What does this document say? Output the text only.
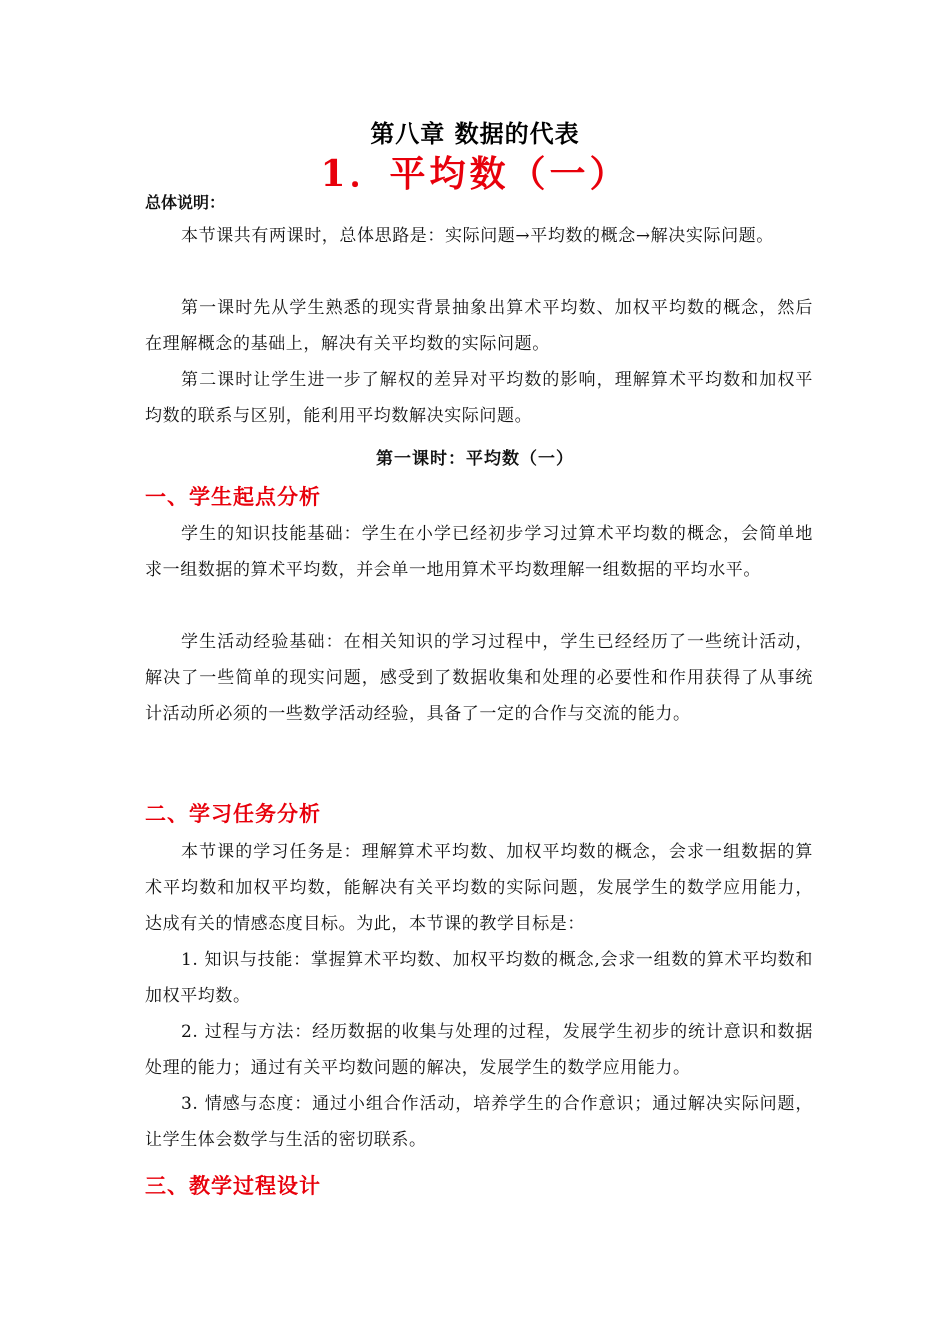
第八章 数据的代表
1．平均数（一）
总体说明：
本节课共有两课时，总体思路是：实际问题→平均数的概念→解决实际问题。
第一课时先从学生熟悉的现实背景抽象出算术平均数、加权平均数的概念，然后在理解概念的基础上，解决有关平均数的实际问题。
第二课时让学生进一步了解权的差异对平均数的影响，理解算术平均数和加权平均数的联系与区别，能利用平均数解决实际问题。
第一课时：平均数（一）
一、学生起点分析
学生的知识技能基础：学生在小学已经初步学习过算术平均数的概念，会简单地求一组数据的算术平均数，并会单一地用算术平均数理解一组数据的平均水平。
学生活动经验基础：在相关知识的学习过程中，学生已经经历了一些统计活动，解决了一些简单的现实问题，感受到了数据收集和处理的必要性和作用获得了从事统计活动所必须的一些数学活动经验，具备了一定的合作与交流的能力。
二、学习任务分析
本节课的学习任务是：理解算术平均数、加权平均数的概念，会求一组数据的算术平均数和加权平均数，能解决有关平均数的实际问题，发展学生的数学应用能力，达成有关的情感态度目标。为此，本节课的教学目标是：
1. 知识与技能：掌握算术平均数、加权平均数的概念,会求一组数的算术平均数和加权平均数。
2. 过程与方法：经历数据的收集与处理的过程，发展学生初步的统计意识和数据处理的能力；通过有关平均数问题的解决，发展学生的数学应用能力。
3. 情感与态度：通过小组合作活动，培养学生的合作意识；通过解决实际问题，让学生体会数学与生活的密切联系。
三、教学过程设计
